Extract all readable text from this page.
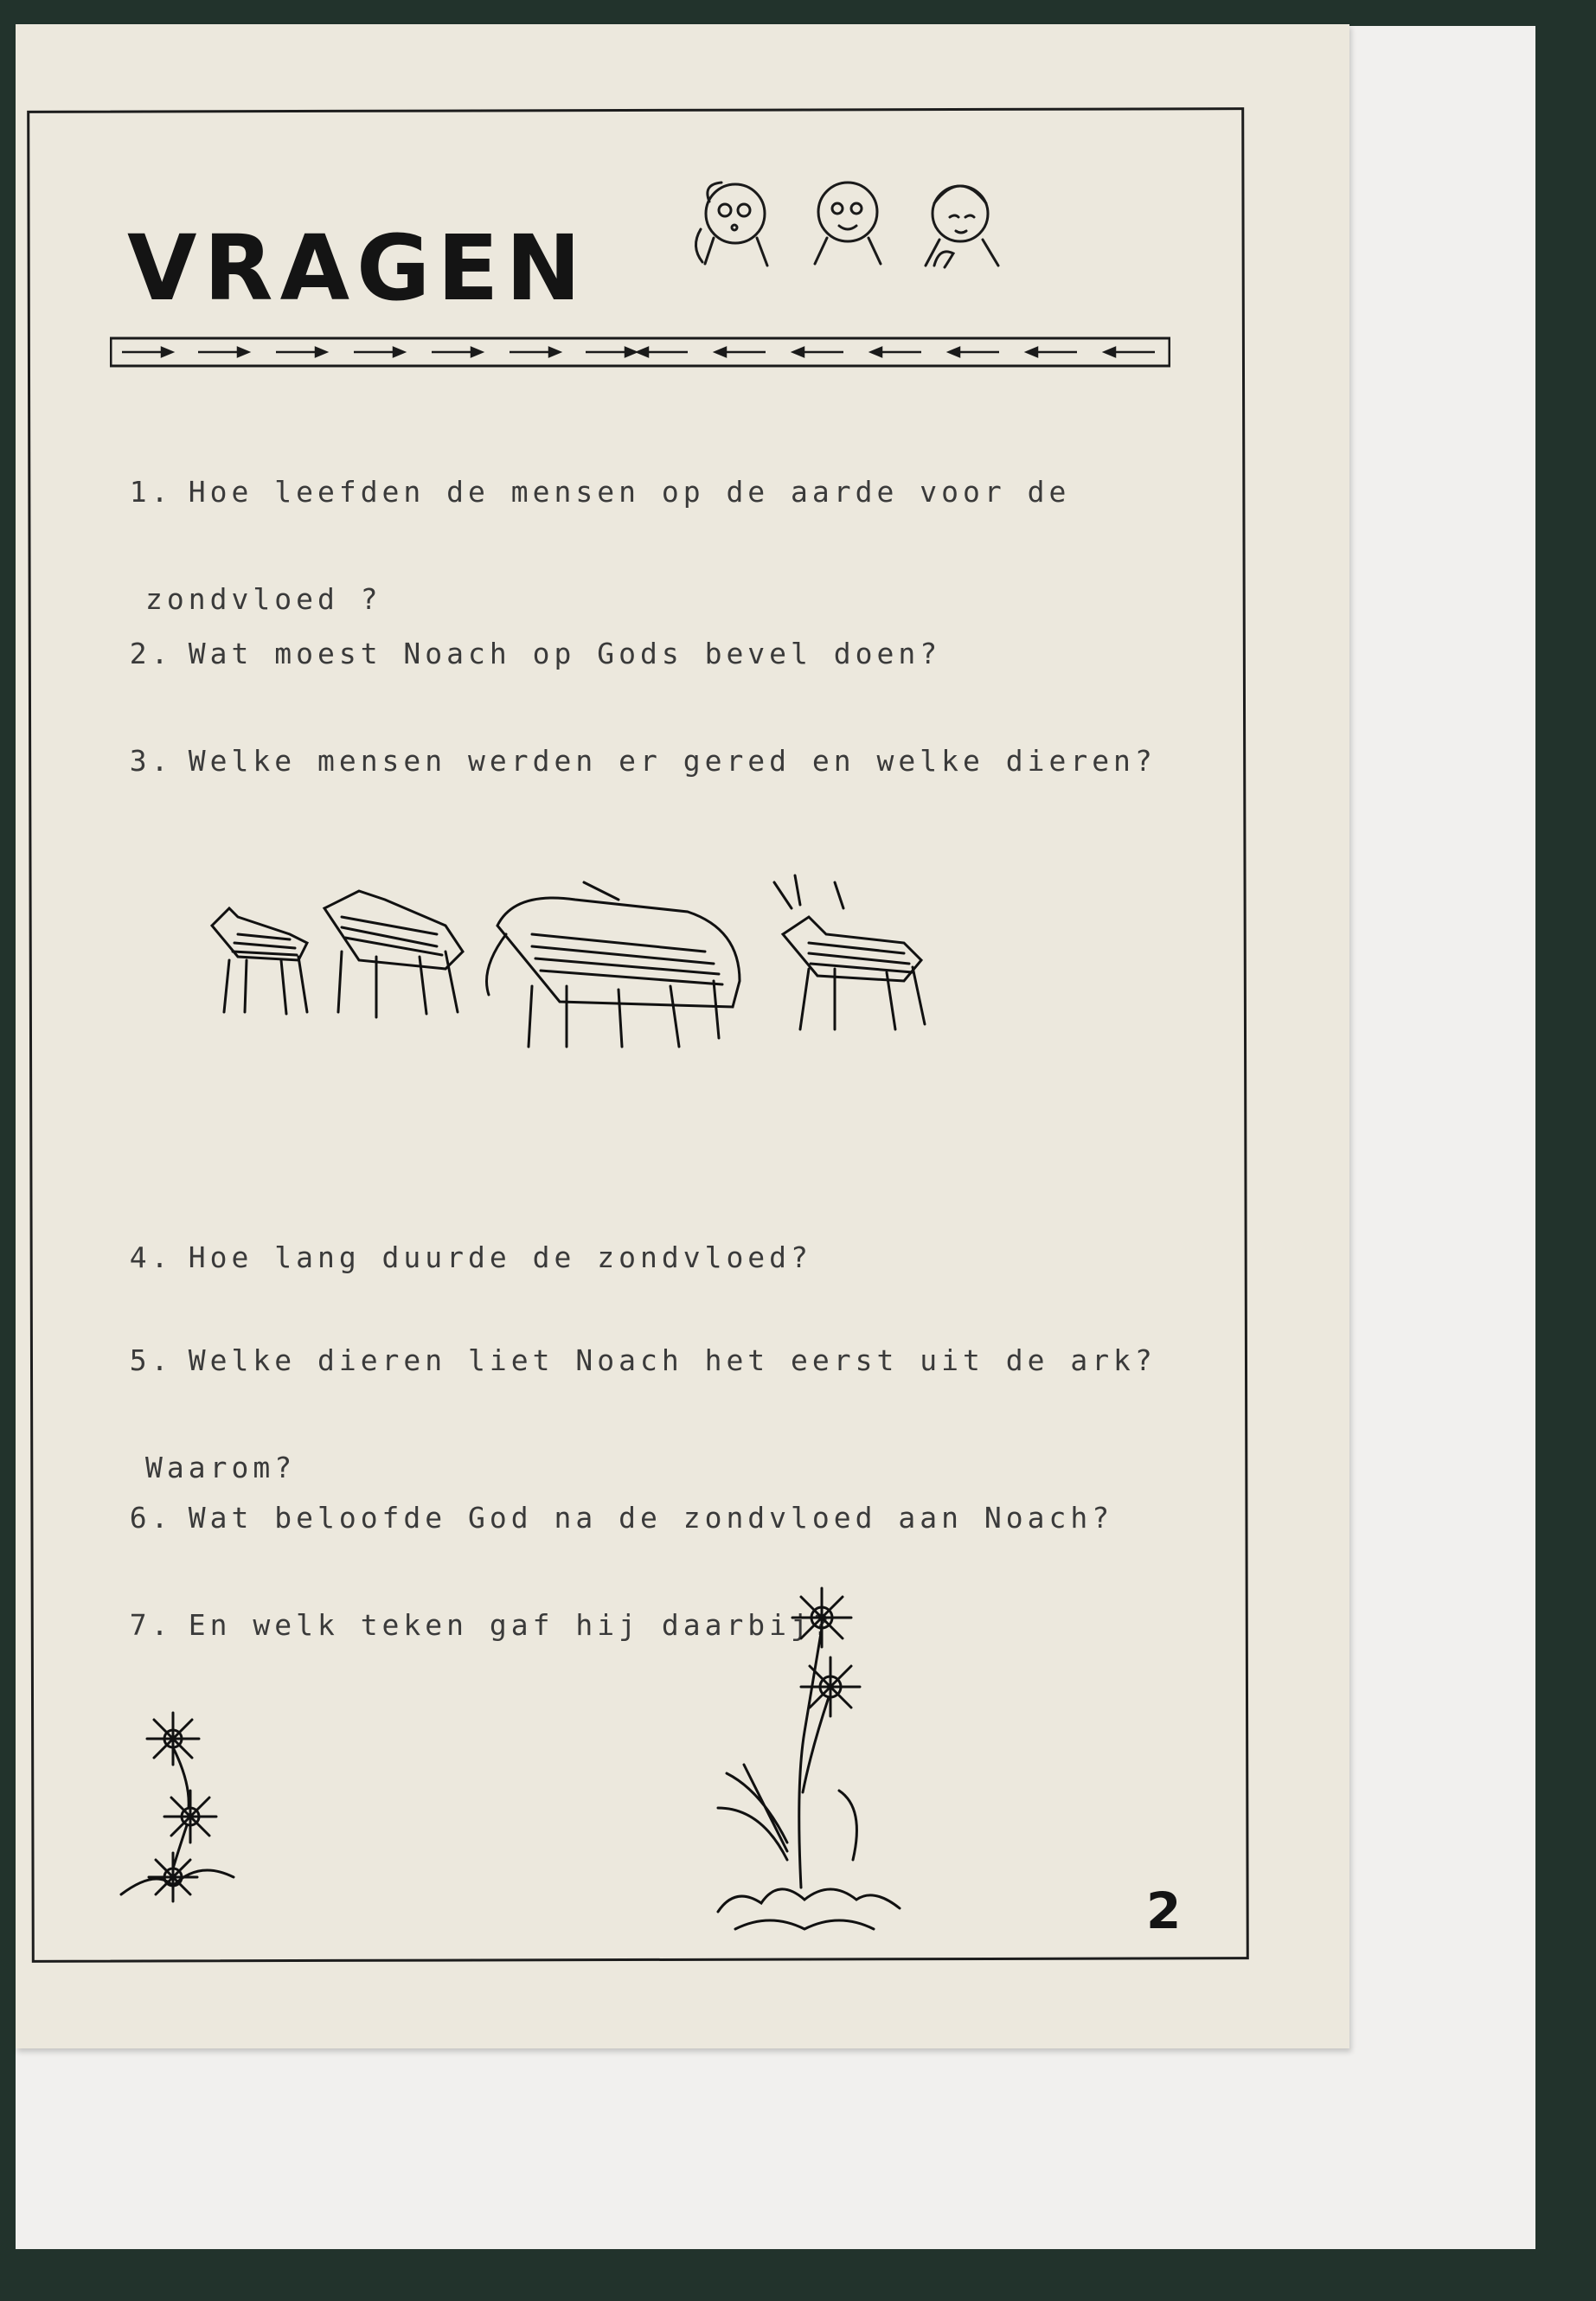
VRAGEN

1. Hoe leefden de mensen op de aarde voor de

zondvloed ?

2. Wat moest Noach op Gods bevel doen?

3. Welke mensen werden er gered en welke dieren?

4. Hoe lang duurde de zondvloed?

5. Welke dieren liet Noach het eerst uit de ark?

Waarom?

6. Wat beloofde God na de zondvloed aan Noach?

7. En welk teken gaf hij daarbij?

2
